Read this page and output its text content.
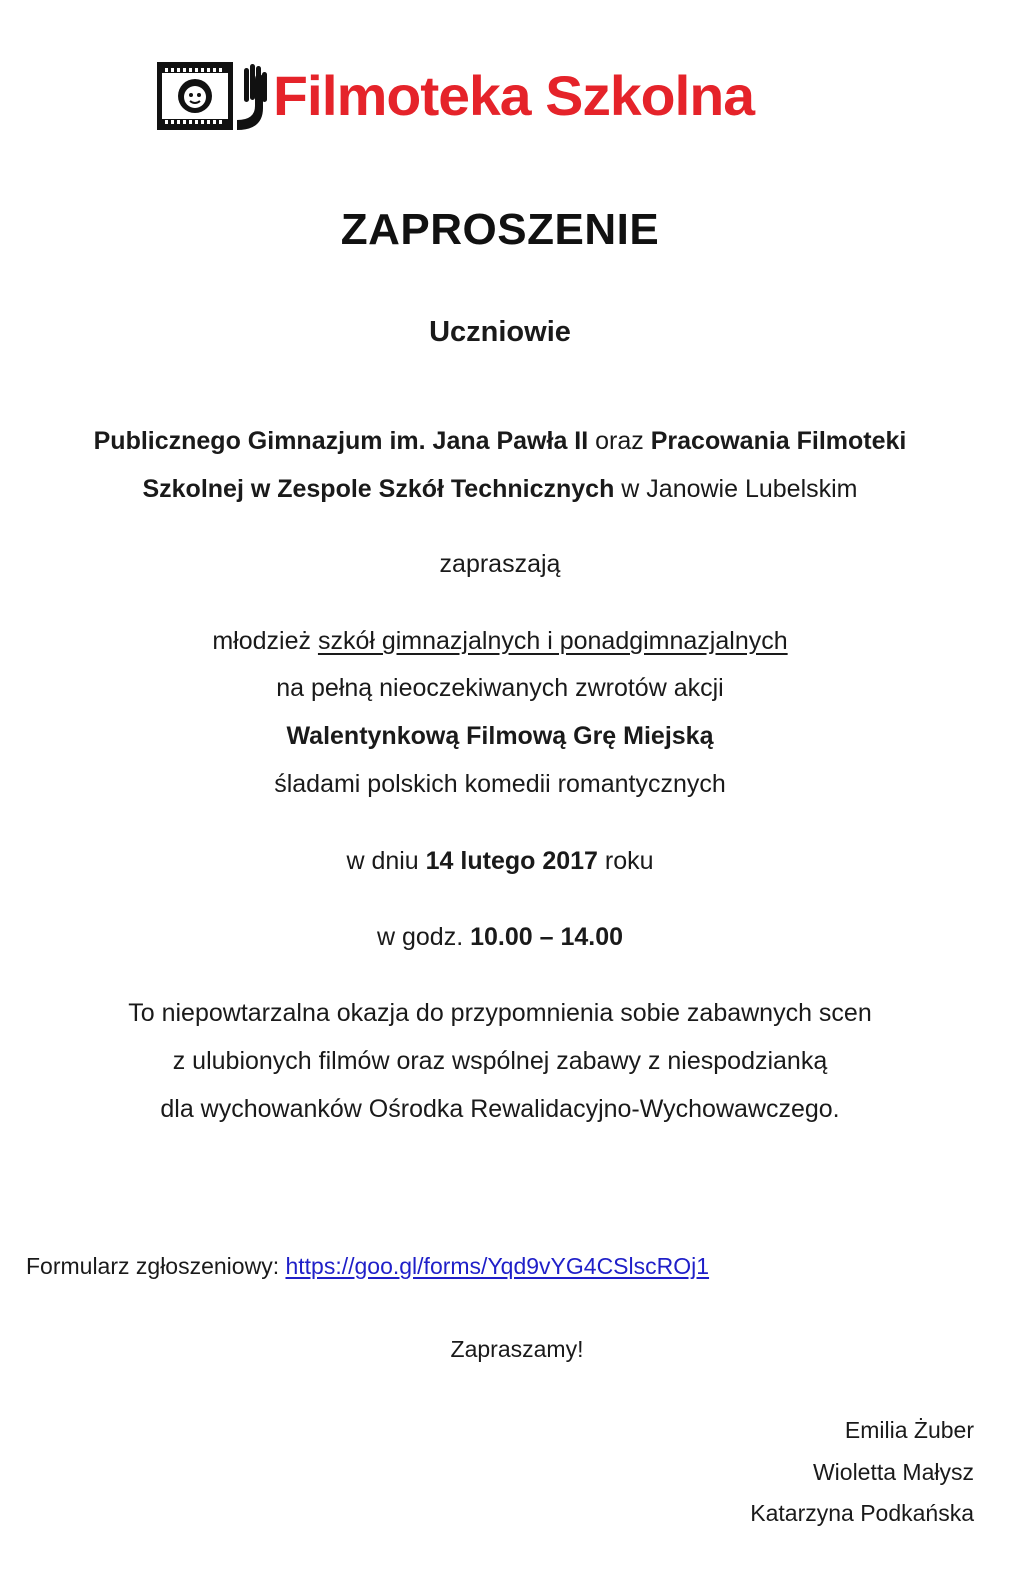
Filmoteka Szkolna
ZAPROSZENIE
Uczniowie
Publicznego Gimnazjum im. Jana Pawła II oraz Pracowania Filmoteki
Szkolnej w Zespole Szkół Technicznych w Janowie Lubelskim
zapraszają
młodzież szkół gimnazjalnych i ponadgimnazjalnych
na pełną nieoczekiwanych zwrotów akcji
Walentynkową Filmową Grę Miejską
śladami polskich komedii romantycznych
w dniu 14 lutego 2017 roku
w godz. 10.00 – 14.00
To niepowtarzalna okazja do przypomnienia sobie zabawnych scen
z ulubionych filmów oraz wspólnej zabawy z niespodzianką
dla wychowanków Ośrodka Rewalidacyjno-Wychowawczego.
Formularz zgłoszeniowy: https://goo.gl/forms/Yqd9vYG4CSlscROj1
Zapraszamy!
Emilia Żuber
Wioletta Małysz
Katarzyna Podkańska
